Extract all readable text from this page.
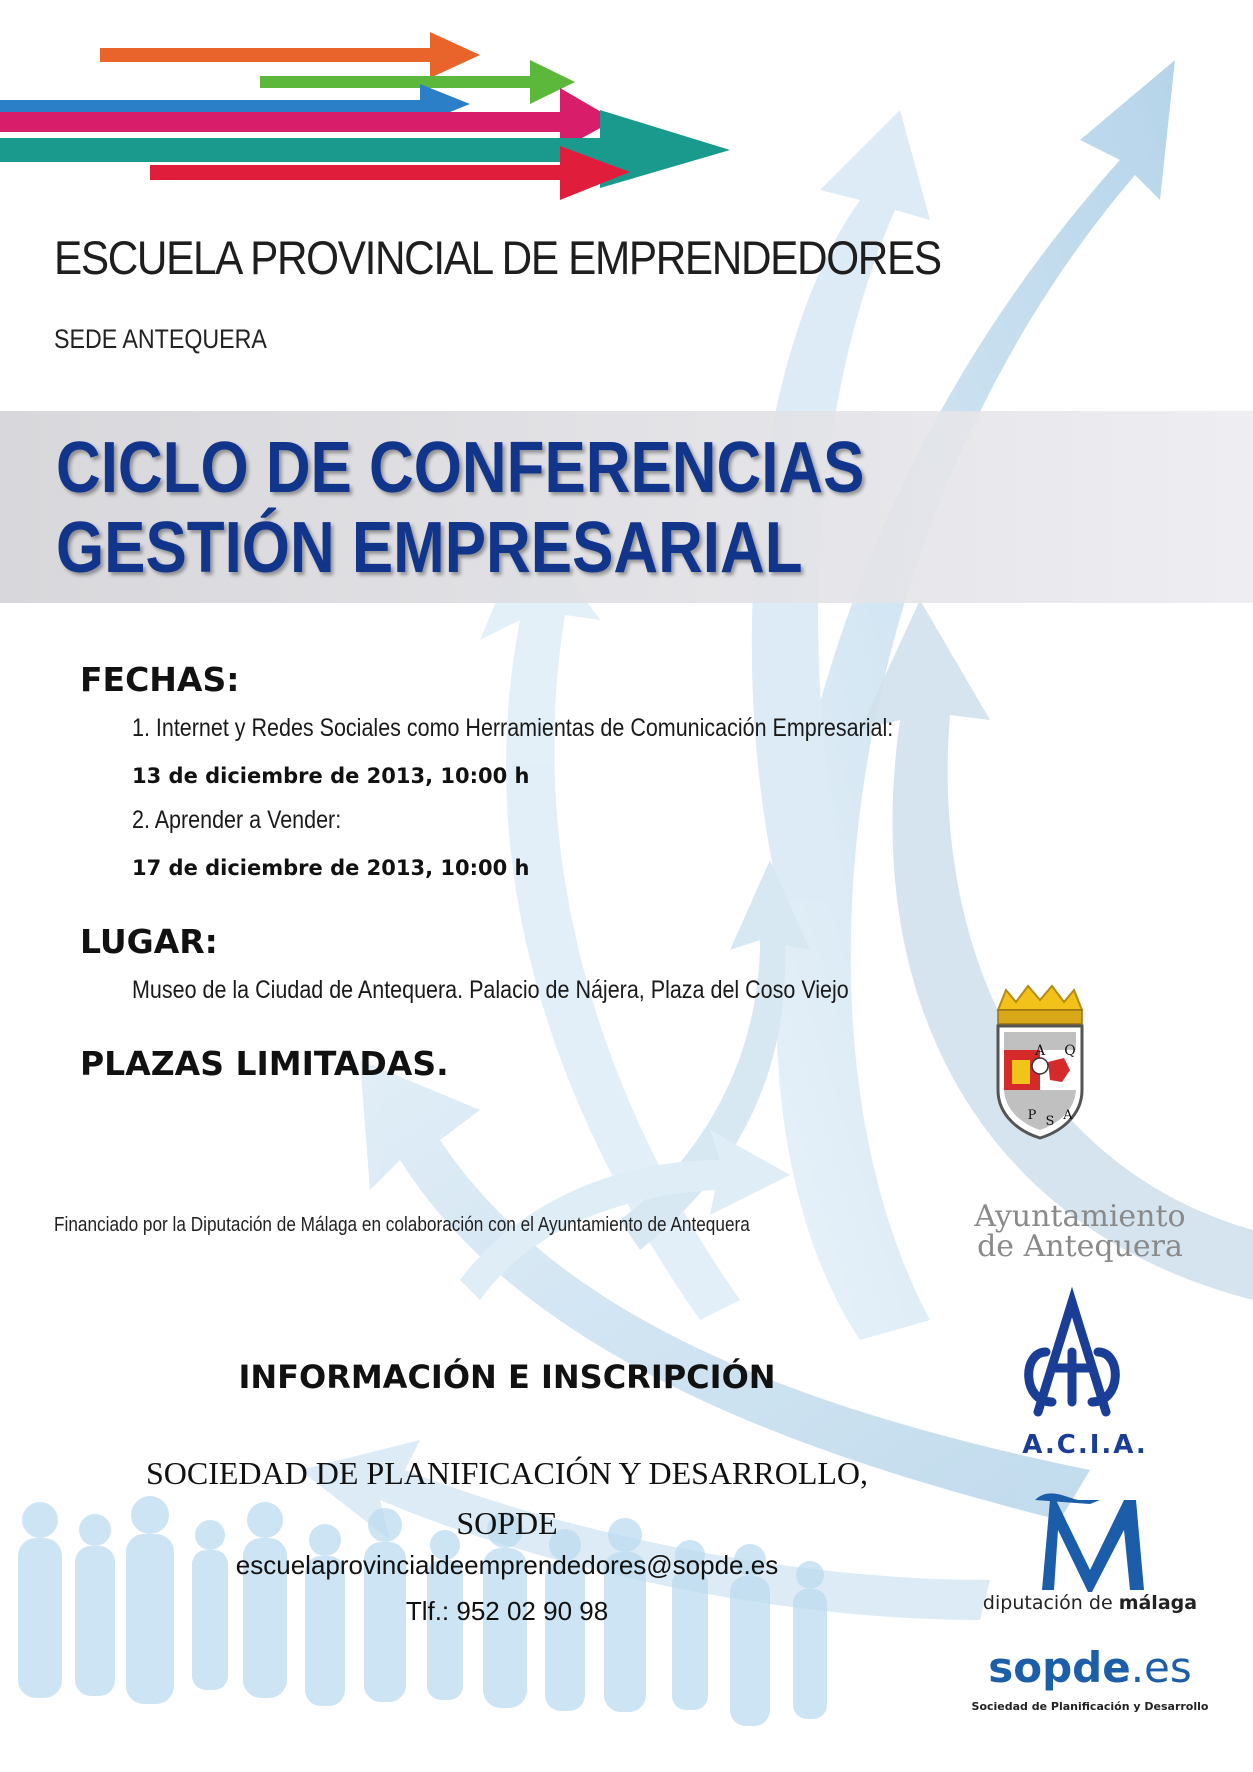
ESCUELA PROVINCIAL DE EMPRENDEDORES
SEDE ANTEQUERA
CICLO DE CONFERENCIAS
GESTIÓN EMPRESARIAL
FECHAS:
1. Internet y Redes Sociales como Herramientas de Comunicación Empresarial:
13 de diciembre de 2013, 10:00 h
2. Aprender a Vender:
17 de diciembre de 2013, 10:00 h
LUGAR:
Museo de la Ciudad de Antequera. Palacio de Nájera, Plaza del Coso Viejo
PLAZAS LIMITADAS.
Financiado por la Diputación de Málaga en colaboración con el Ayuntamiento de Antequera
INFORMACIÓN E INSCRIPCIÓN
SOCIEDAD DE PLANIFICACIÓN Y DESARROLLO,
SOPDE
escuelaprovincialdeemprendedores@sopde.es
Tlf.: 952 02 90 98
A	Q
P S A
Ayuntamiento
de Antequera
A.C.I.A.
diputación de málaga
sopde.es
Sociedad de Planificación y Desarrollo
